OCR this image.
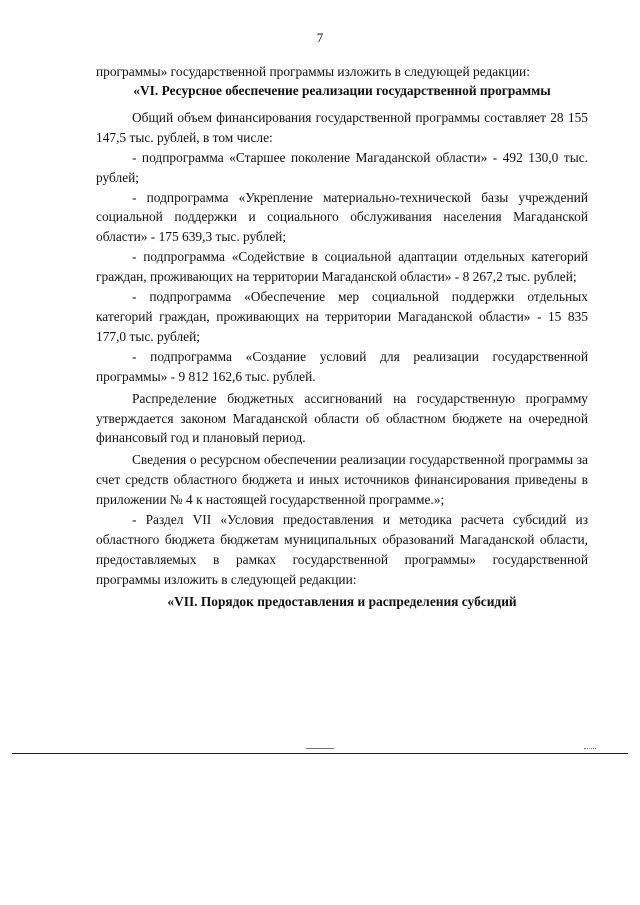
7

программы» государственной программы изложить в следующей редакции:

«VI. Ресурсное обеспечение реализации государственной программы

Общий объем финансирования государственной программы составляет 28 155 147,5 тыс. рублей, в том числе:

- подпрограмма «Старшее поколение Магаданской области» - 492 130,0 тыс. рублей;

- подпрограмма «Укрепление материально-технической базы учреждений социальной поддержки и социального обслуживания населения Магаданской области» - 175 639,3 тыс. рублей;

- подпрограмма «Содействие в социальной адаптации отдельных категорий граждан, проживающих на территории Магаданской области» - 8 267,2 тыс. рублей;

- подпрограмма «Обеспечение мер социальной поддержки отдельных категорий граждан, проживающих на территории Магаданской области» - 15 835 177,0 тыс. рублей;

- подпрограмма «Создание условий для реализации государственной программы» - 9 812 162,6 тыс. рублей.

Распределение бюджетных ассигнований на государственную программу утверждается законом Магаданской области об областном бюджете на очередной финансовый год и плановый период.

Сведения о ресурсном обеспечении реализации государственной программы за счет средств областного бюджета и иных источников финансирования приведены в приложении № 4 к настоящей государственной программе.»;

- Раздел VII «Условия предоставления и методика расчета субсидий из областного бюджета бюджетам муниципальных образований Магаданской области, предоставляемых в рамках государственной программы» государственной программы изложить в следующей редакции:

«VII. Порядок предоставления и распределения субсидий
